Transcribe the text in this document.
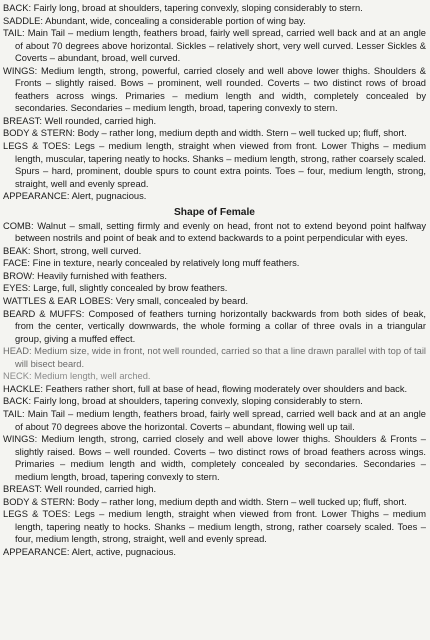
BACK: Fairly long, broad at shoulders, tapering convexly, sloping considerably to stern.

SADDLE: Abundant, wide, concealing a considerable portion of wing bay.

TAIL: Main Tail – medium length, feathers broad, fairly well spread, carried well back and at an angle of about 70 degrees above horizontal. Sickles – relatively short, very well curved. Lesser Sickles & Coverts – abundant, broad, well curved.

WINGS: Medium length, strong, powerful, carried closely and well above lower thighs. Shoulders & Fronts – slightly raised. Bows – prominent, well rounded. Coverts – two distinct rows of broad feathers across wings. Primaries – medium length and width, completely concealed by secondaries. Secondaries – medium length, broad, tapering convexly to stern.

BREAST: Well rounded, carried high.

BODY & STERN: Body – rather long, medium depth and width. Stern – well tucked up; fluff, short.

LEGS & TOES: Legs – medium length, straight when viewed from front. Lower Thighs – medium length, muscular, tapering neatly to hocks. Shanks – medium length, strong, rather coarsely scaled. Spurs – hard, prominent, double spurs to count extra points. Toes – four, medium length, strong, straight, well and evenly spread.

APPEARANCE: Alert, pugnacious.

Shape of Female

COMB: Walnut – small, setting firmly and evenly on head, front not to extend beyond point halfway between nostrils and point of beak and to extend backwards to a point perpendicular with eyes.

BEAK: Short, strong, well curved.

FACE: Fine in texture, nearly concealed by relatively long muff feathers.

BROW: Heavily furnished with feathers.

EYES: Large, full, slightly concealed by brow feathers.

WATTLES & EAR LOBES: Very small, concealed by beard.

BEARD & MUFFS: Composed of feathers turning horizontally backwards from both sides of beak, from the center, vertically downwards, the whole forming a collar of three ovals in a triangular group, giving a muffed effect.

HEAD: Medium size, wide in front, not well rounded, carried so that a line drawn parallel with top of tail will bisect beard.

NECK: Medium length, well arched.

HACKLE: Feathers rather short, full at base of head, flowing moderately over shoulders and back.

BACK: Fairly long, broad at shoulders, tapering convexly, sloping considerably to stern.

TAIL: Main Tail – medium length, feathers broad, fairly well spread, carried well back and at an angle of about 70 degrees above the horizontal. Coverts – abundant, flowing well up tail.

WINGS: Medium length, strong, carried closely and well above lower thighs. Shoulders & Fronts – slightly raised. Bows – well rounded. Coverts – two distinct rows of broad feathers across wings. Primaries – medium length and width, completely concealed by secondaries. Secondaries – medium length, broad, tapering convexly to stern.

BREAST: Well rounded, carried high.

BODY & STERN: Body – rather long, medium depth and width. Stern – well tucked up; fluff, short.

LEGS & TOES: Legs – medium length, straight when viewed from front. Lower Thighs – medium length, tapering neatly to hocks. Shanks – medium length, strong, rather coarsely scaled. Toes – four, medium length, strong, straight, well and evenly spread.

APPEARANCE: Alert, active, pugnacious.
